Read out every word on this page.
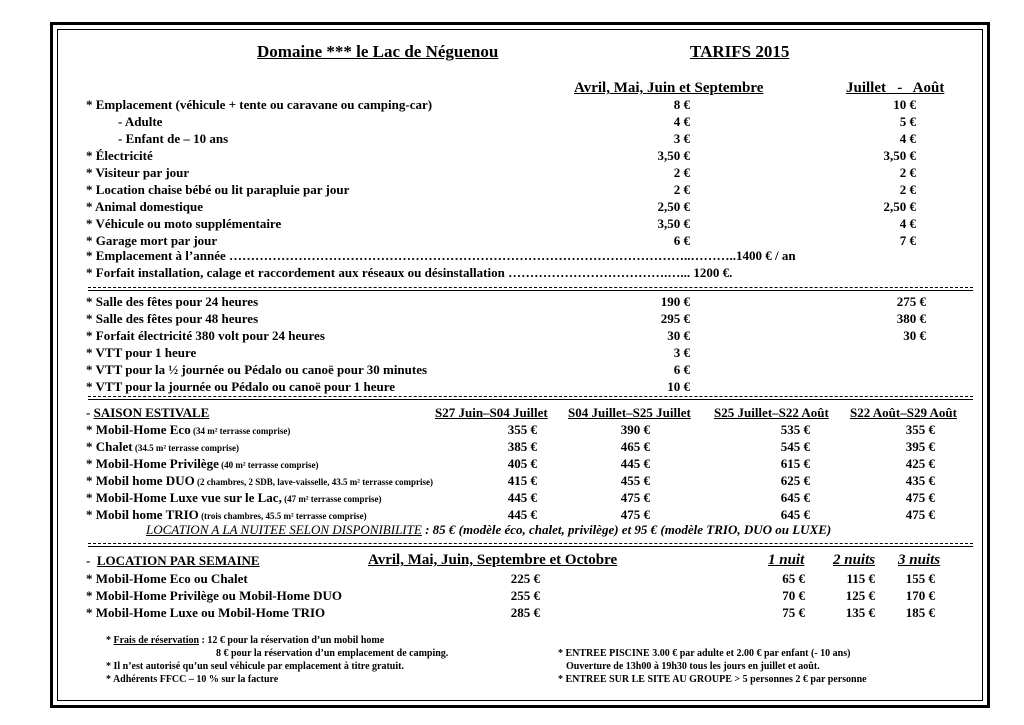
Domaine *** le Lac de Néguenou	TARIFS 2015
Avril, Mai, Juin et Septembre	Juillet   -   Août
* Emplacement (véhicule + tente ou caravane ou camping-car)	8 €	10 €
- Adulte	4 €	5 €
- Enfant de – 10 ans	3 €	4 €
* Électricité	3,50 €	3,50 €
* Visiteur par jour	2 €	2 €
* Location chaise bébé ou lit parapluie par jour	2 €	2 €
* Animal domestique	2,50 €	2,50 €
* Véhicule ou moto supplémentaire	3,50 €	4 €
* Garage mort par jour	6 €	7 €
* Emplacement à l’année ……………………………………………………………………………………………..………..1400 € / an
* Forfait installation, calage et raccordement aux réseaux ou désinstallation ……………………………….…... 1200 €.
* Salle des fêtes pour 24 heures	190 €	275 €
* Salle des fêtes pour 48 heures	295 €	380 €
* Forfait électricité 380 volt pour 24 heures	30 €	30 €
* VTT pour 1 heure	3 €
* VTT pour la ½ journée ou Pédalo ou canoë pour 30 minutes	6 €
* VTT pour la journée ou Pédalo ou canoë pour 1 heure	10 €
- SAISON ESTIVALE	S27 Juin–S04 Juillet S04 Juillet–S25 Juillet S25 Juillet–S22 Août S22 Août–S29 Août
* Mobil-Home Eco (34 m² terrasse comprise)	355 €	390 €	535 €	355 €
* Chalet (34.5 m² terrasse comprise)	385 €	465 €	545 €	395 €
* Mobil-Home Privilège (40 m² terrasse comprise)	405 €	445 €	615 €	425 €
* Mobil home DUO (2 chambres, 2 SDB, lave-vaisselle, 43.5 m² terrasse comprise)	415 €	455 €	625 €	435 €
* Mobil-Home Luxe vue sur le Lac, (47 m² terrasse comprise)	445 €	475 €	645 €	475 €
* Mobil home TRIO (trois chambres, 45.5 m² terrasse comprise)	445 €	475 €	645 €	475 €
LOCATION A LA NUITEE SELON DISPONIBILITE : 85 € (modèle éco, chalet, privilège) et 95 € (modèle TRIO, DUO ou LUXE)
-  LOCATION PAR SEMAINE	Avril, Mai, Juin, Septembre et Octobre	1 nuit 2 nuits 3 nuits
* Mobil-Home Eco ou Chalet	225 €	65 €	115 €	155 €
* Mobil-Home Privilège ou Mobil-Home DUO	255 €	70 €	125 €	170 €
* Mobil-Home Luxe ou Mobil-Home TRIO	285 €	75 €	135 €	185 €
* Frais de réservation : 12 € pour la réservation d’un mobil home
8 € pour la réservation d’un emplacement de camping.
* Il n’est autorisé qu’un seul véhicule par emplacement à titre gratuit.
* Adhérents FFCC – 10 % sur la facture
* ENTREE PISCINE 3.00 € par adulte et 2.00 € par enfant (- 10 ans)
Ouverture de 13h00 à 19h30 tous les jours en juillet et août.
* ENTREE SUR LE SITE AU GROUPE > 5 personnes 2 € par personne
